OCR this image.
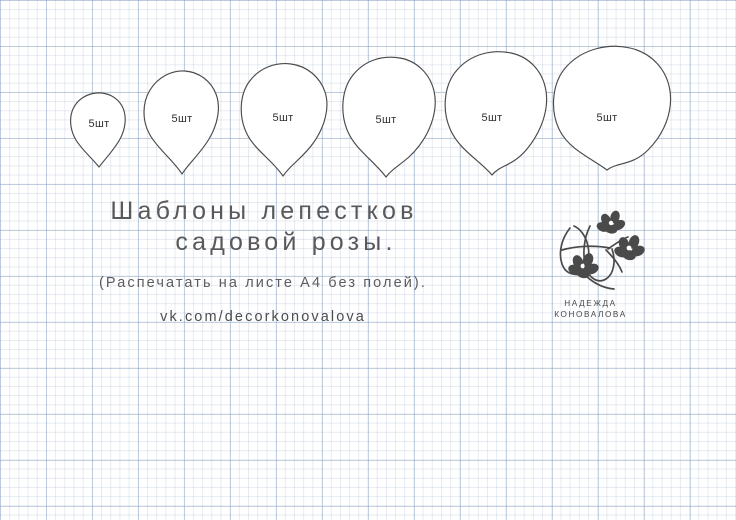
5шт	5шт	5шт	5шт	5шт	5шт
Шаблоны лепестков
садовой розы.
(Распечатать на листе А4 без полей).
vk.com/decorkonovalova
НАДЕЖДА
КОНОВАЛОВА
